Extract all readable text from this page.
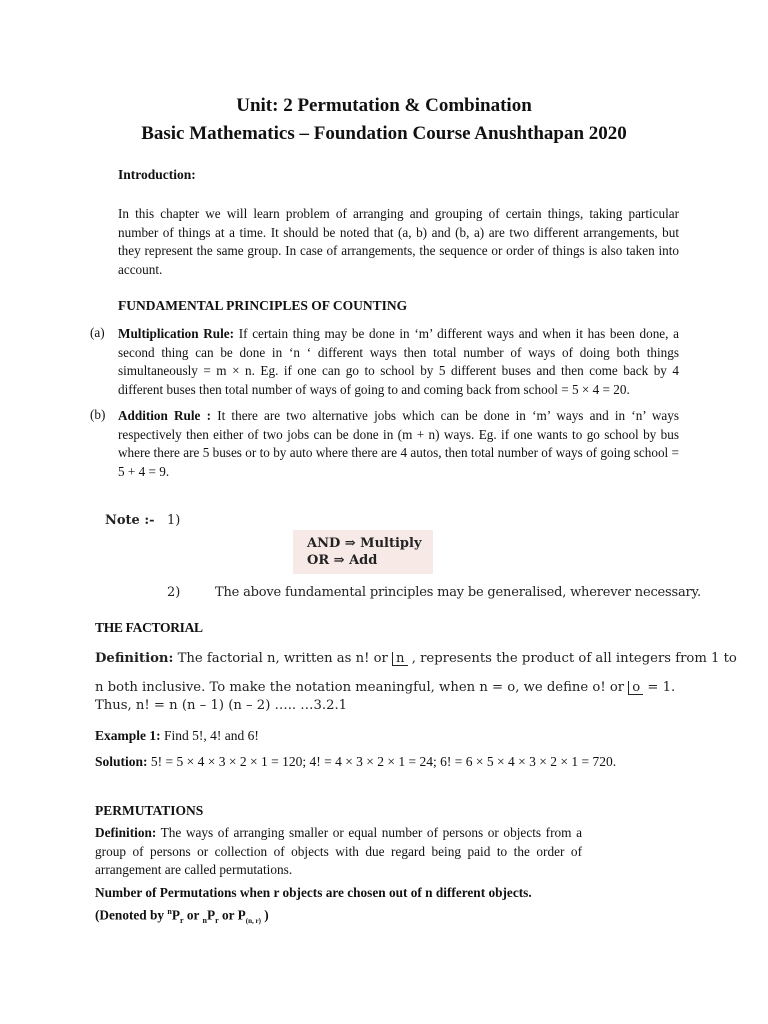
Unit: 2 Permutation & Combination
Basic Mathematics – Foundation Course Anushthapan 2020
Introduction:
In this chapter we will learn problem of arranging and grouping of certain things, taking particular number of things at a time. It should be noted that (a, b) and (b, a) are two different arrangements, but they represent the same group. In case of arrangements, the sequence or order of things is also taken into account.
FUNDAMENTAL PRINCIPLES OF COUNTING
(a) Multiplication Rule: If certain thing may be done in ‘m’ different ways and when it has been done, a second thing can be done in ‘n ‘ different ways then total number of ways of doing both things simultaneously = m × n. Eg. if one can go to school by 5 different buses and then come back by 4 different buses then total number of ways of going to and coming back from school = 5 × 4 = 20.
(b) Addition Rule : It there are two alternative jobs which can be done in ‘m’ ways and in ‘n’ ways respectively then either of two jobs can be done in (m + n) ways. Eg. if one wants to go school by bus where there are 5 buses or to by auto where there are 4 autos, then total number of ways of going school = 5 + 4 = 9.
Note :- 1)
AND ⇒ Multiply
OR ⇒ Add
2)	The above fundamental principles may be generalised, wherever necessary.
THE FACTORIAL
Definition: The factorial n, written as n! or n , represents the product of all integers from 1 to
n both inclusive. To make the notation meaningful, when n = o, we define o! or o = 1.
Thus, n! = n (n – 1) (n – 2) ….. …3.2.1
Example 1: Find 5!, 4! and 6!
Solution: 5! = 5 × 4 × 3 × 2 × 1 = 120; 4! = 4 × 3 × 2 × 1 = 24; 6! = 6 × 5 × 4 × 3 × 2 × 1 = 720.
PERMUTATIONS
Definition: The ways of arranging smaller or equal number of persons or objects from a group of persons or collection of objects with due regard being paid to the order of arrangement are called permutations.
Number of Permutations when r objects are chosen out of n different objects.
(Denoted by $^nP_r$ or $_nP_r$ or $P_{(n, r)}$ )
